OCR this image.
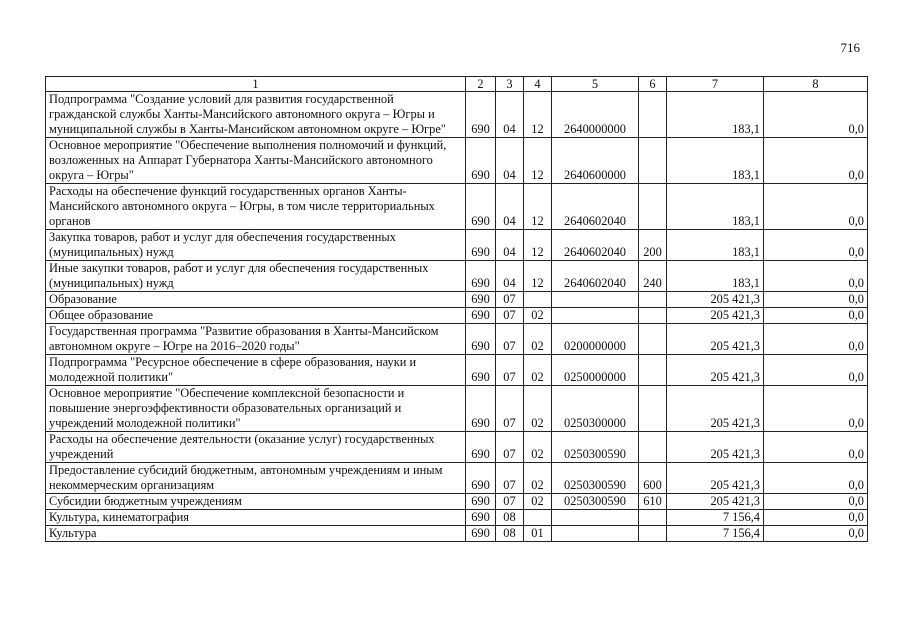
716
1	2	3	4	5	6	7	8
Подпрограмма "Создание условий для развития государственной гражданской службы Ханты-Мансийского автономного округа – Югры и муниципальной службы в Ханты-Мансийском автономном округе – Югре"	690	04	12	2640000000		183,1	0,0
Основное мероприятие "Обеспечение выполнения полномочий и функций, возложенных на Аппарат Губернатора Ханты-Мансийского автономного округа – Югры"	690	04	12	2640600000		183,1	0,0
Расходы на обеспечение функций государственных органов Ханты-Мансийского автономного округа – Югры, в том числе территориальных органов	690	04	12	2640602040		183,1	0,0
Закупка товаров, работ и услуг для обеспечения государственных (муниципальных) нужд	690	04	12	2640602040	200	183,1	0,0
Иные закупки товаров, работ и услуг для обеспечения государственных (муниципальных) нужд	690	04	12	2640602040	240	183,1	0,0
Образование	690	07				205 421,3	0,0
Общее образование	690	07	02			205 421,3	0,0
Государственная программа "Развитие образования в Ханты-Мансийском автономном округе – Югре на 2016–2020 годы"	690	07	02	0200000000		205 421,3	0,0
Подпрограмма "Ресурсное обеспечение в сфере образования, науки и молодежной политики"	690	07	02	0250000000		205 421,3	0,0
Основное мероприятие "Обеспечение комплексной безопасности и повышение энергоэффективности образовательных организаций и учреждений молодежной политики"	690	07	02	0250300000		205 421,3	0,0
Расходы на обеспечение деятельности (оказание услуг) государственных учреждений	690	07	02	0250300590		205 421,3	0,0
Предоставление субсидий бюджетным, автономным учреждениям и иным некоммерческим организациям	690	07	02	0250300590	600	205 421,3	0,0
Субсидии бюджетным учреждениям	690	07	02	0250300590	610	205 421,3	0,0
Культура, кинематография	690	08				7 156,4	0,0
Культура	690	08	01			7 156,4	0,0
